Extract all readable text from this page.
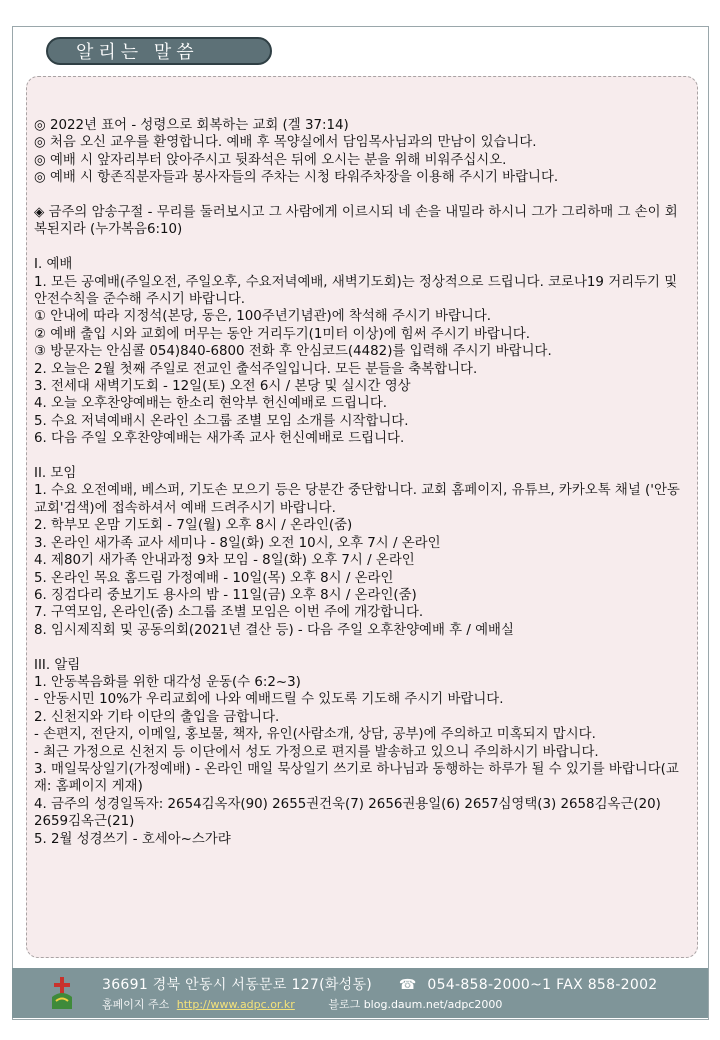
알리는 말씀

◎ 2022년 표어 - 성령으로 회복하는 교회 (겔 37:14)

◎ 처음 오신 교우를 환영합니다. 예배 후 목양실에서 담임목사님과의 만남이 있습니다.

◎ 예배 시 앞자리부터 앉아주시고 뒷좌석은 뒤에 오시는 분을 위해 비워주십시오.

◎ 예배 시 항존직분자들과 봉사자들의 주차는 시청 타워주차장을 이용해 주시기 바랍니다.

◈ 금주의 암송구절 - 무리를 둘러보시고 그 사람에게 이르시되 네 손을 내밀라 하시니 그가 그리하매 그 손이 회복된지라 (누가복음6:10)

I. 예배

1. 모든 공예배(주일오전, 주일오후, 수요저녁예배, 새벽기도회)는 정상적으로 드립니다. 코로나19 거리두기 및 안전수칙을 준수해 주시기 바랍니다.

① 안내에 따라 지정석(본당, 동은, 100주년기념관)에 착석해 주시기 바랍니다.

② 예배 출입 시와 교회에 머무는 동안 거리두기(1미터 이상)에 힘써 주시기 바랍니다.

③ 방문자는 안심콜 054)840-6800 전화 후 안심코드(4482)를 입력해 주시기 바랍니다.

2. 오늘은 2월 첫째 주일로 전교인 출석주일입니다. 모든 분들을 축복합니다.

3. 전세대 새벽기도회 - 12일(토) 오전 6시 / 본당 및 실시간 영상

4. 오늘 오후찬양예배는 한소리 현악부 헌신예배로 드립니다.

5. 수요 저녁예배시 온라인 소그룹 조별 모임 소개를 시작합니다.

6. 다음 주일 오후찬양예배는 새가족 교사 헌신예배로 드립니다.

II. 모임

1. 수요 오전예배, 베스퍼, 기도손 모으기 등은 당분간 중단합니다. 교회 홈페이지, 유튜브, 카카오톡 채널 ('안동교회'검색)에 접속하셔서 예배 드려주시기 바랍니다.

2. 학부모 온맘 기도회 - 7일(월) 오후 8시 / 온라인(줌)

3. 온라인 새가족 교사 세미나 - 8일(화) 오전 10시, 오후 7시 / 온라인

4. 제80기 새가족 안내과정 9차 모임 - 8일(화) 오후 7시 / 온라인

5. 온라인 목요 홈드림 가정예배 - 10일(목) 오후 8시 / 온라인

6. 징검다리 중보기도 용사의 밤 - 11일(금) 오후 8시 / 온라인(줌)

7. 구역모임, 온라인(줌) 소그룹 조별 모임은 이번 주에 개강합니다.

8. 임시제직회 및 공동의회(2021년 결산 등) - 다음 주일 오후찬양예배 후 / 예배실

III. 알림

1. 안동복음화를 위한 대각성 운동(수 6:2~3)

- 안동시민 10%가 우리교회에 나와 예배드릴 수 있도록 기도해 주시기 바랍니다.

2. 신천지와 기타 이단의 출입을 금합니다.

- 손편지, 전단지, 이메일, 홍보물, 책자, 유인(사람소개, 상담, 공부)에 주의하고 미혹되지 맙시다.

- 최근 가정으로 신천지 등 이단에서 성도 가정으로 편지를 발송하고 있으니 주의하시기 바랍니다.

3. 매일묵상일기(가정예배) - 온라인 매일 묵상일기 쓰기로 하나님과 동행하는 하루가 될 수 있기를 바랍니다(교재: 홈페이지 게재)

4. 금주의 성경일독자: 2654김옥자(90) 2655권건욱(7) 2656권용일(6) 2657심영택(3) 2658김옥근(20) 2659김옥근(21)

5. 2월 성경쓰기 - 호세아~스가랴

36691 경북 안동시 서동문로 127(화성동) ☎ 054-858-2000~1 FAX 858-2002
홈페이지 주소 http://www.adpc.or.kr	블로그 blog.daum.net/adpc2000
